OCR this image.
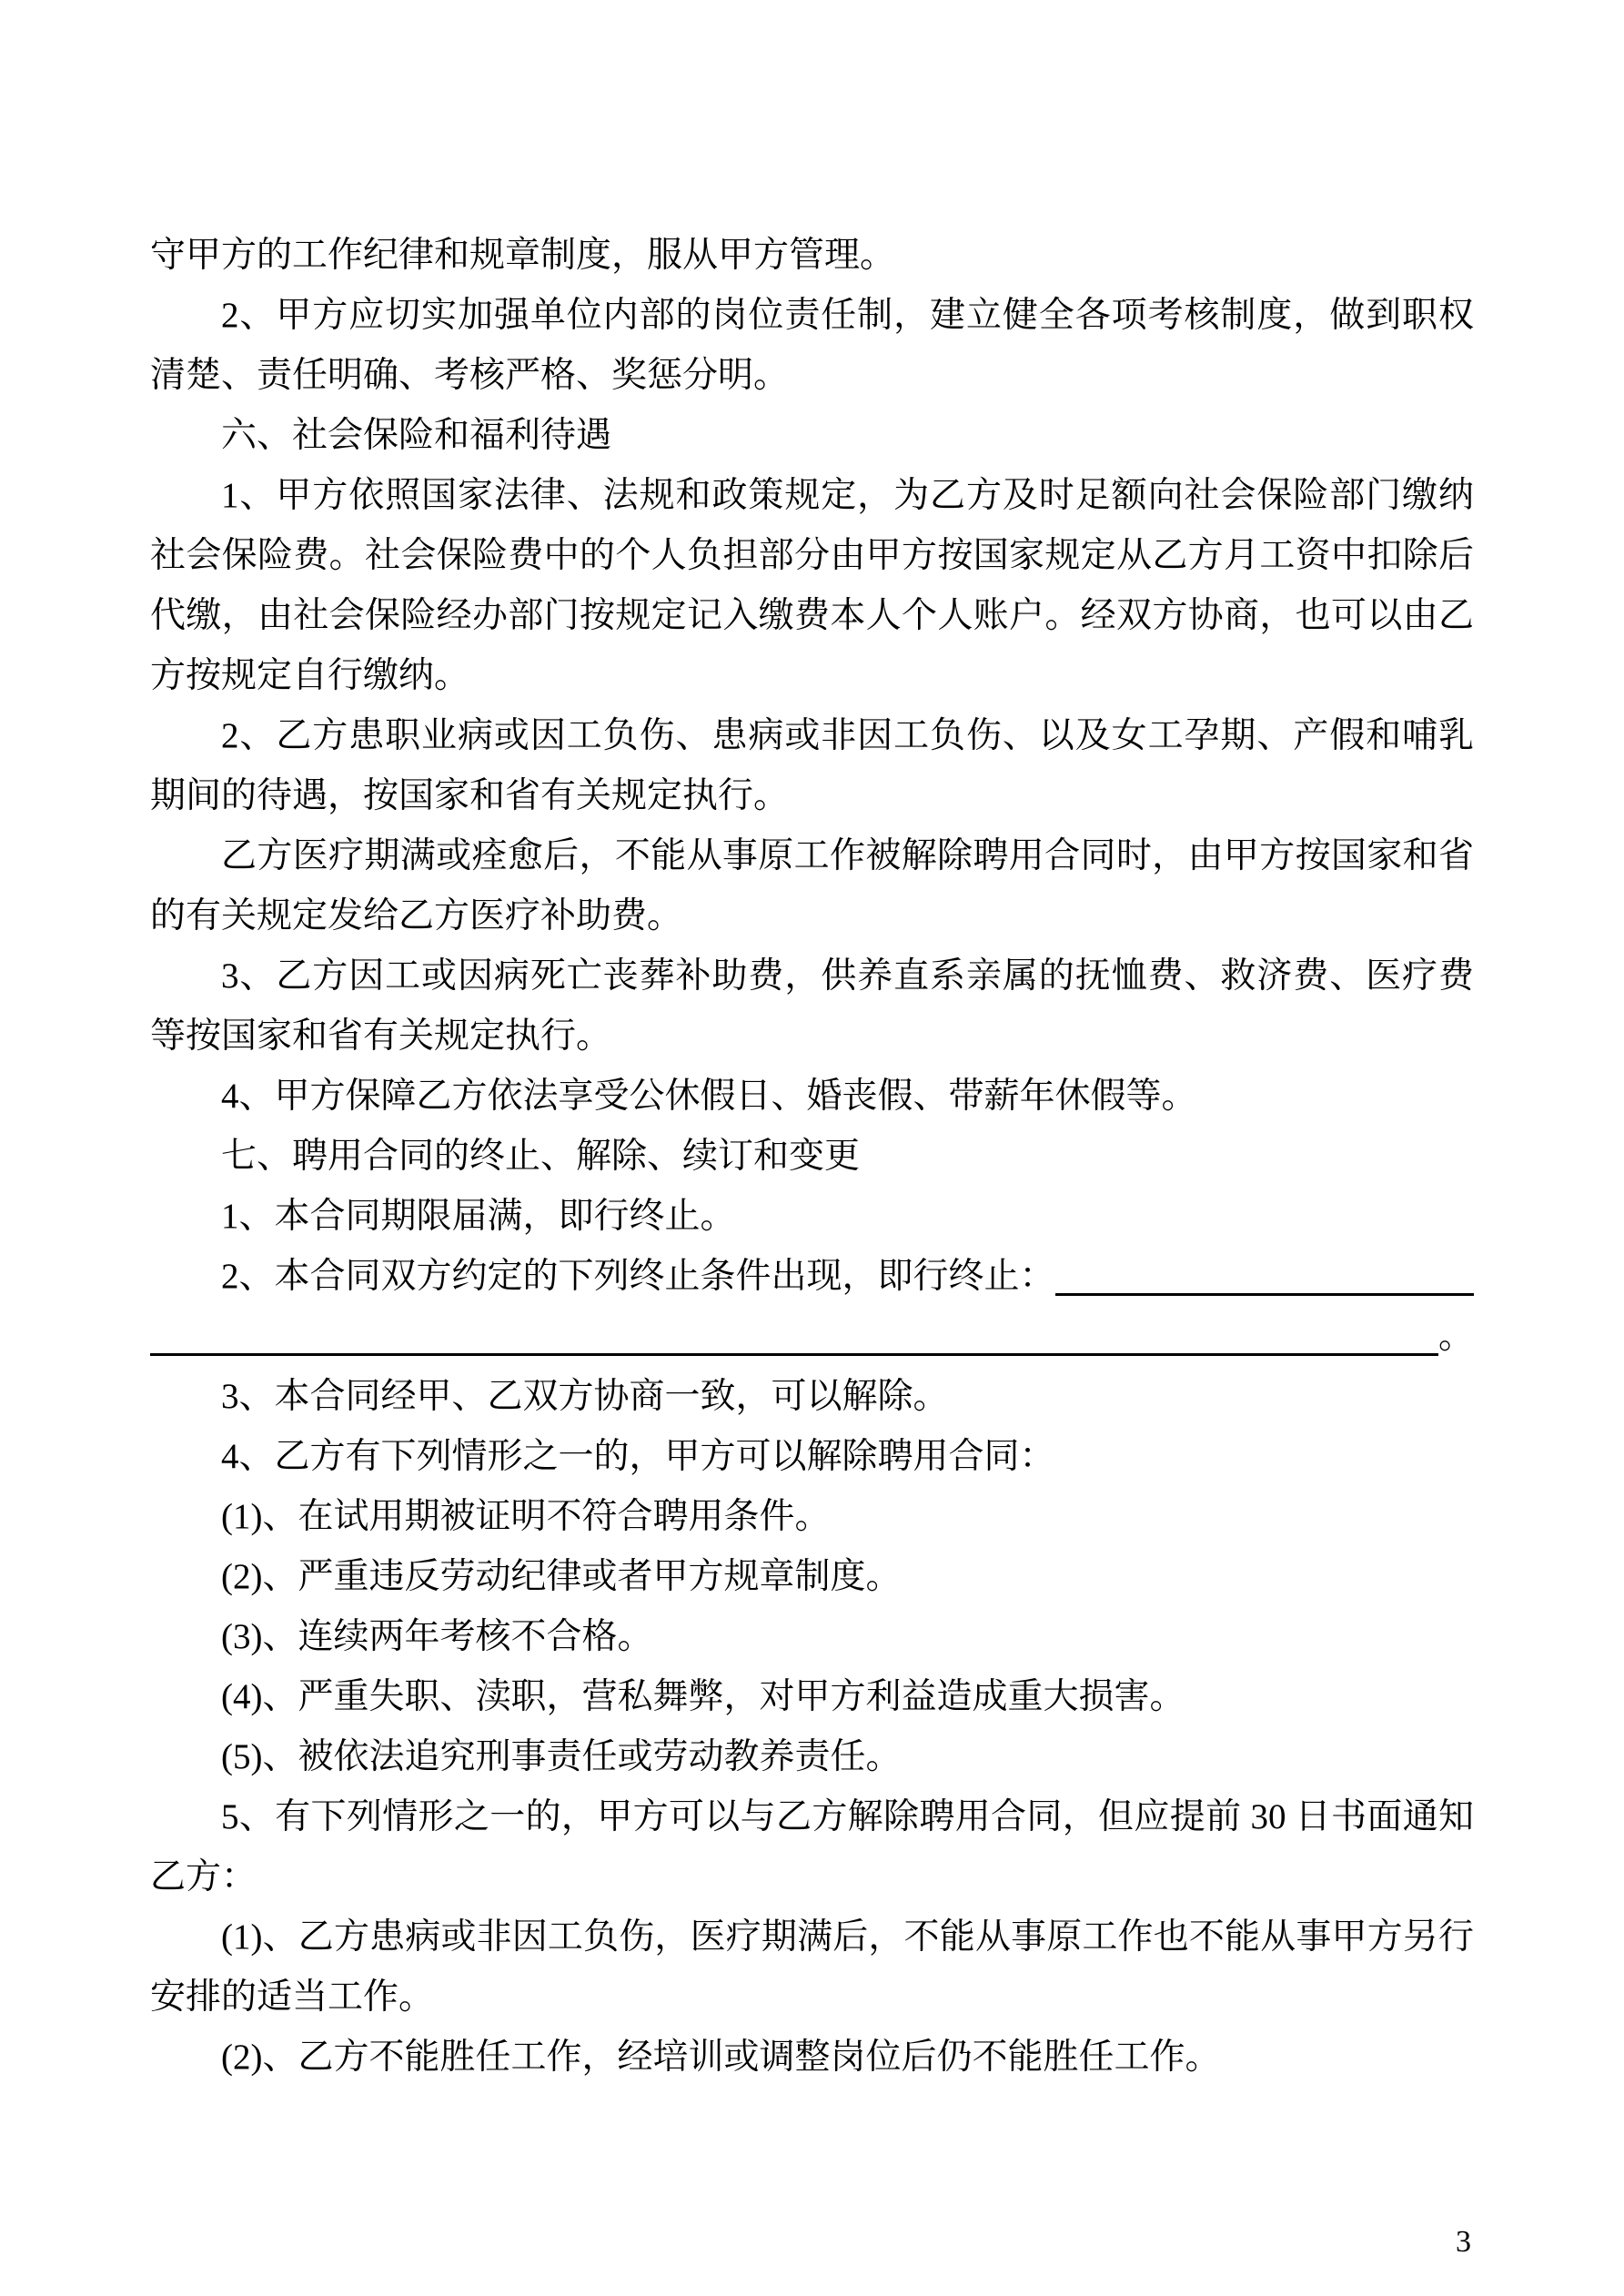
守甲方的工作纪律和规章制度，服从甲方管理。

2、甲方应切实加强单位内部的岗位责任制，建立健全各项考核制度，做到职权清楚、责任明确、考核严格、奖惩分明。

六、社会保险和福利待遇

1、甲方依照国家法律、法规和政策规定，为乙方及时足额向社会保险部门缴纳社会保险费。社会保险费中的个人负担部分由甲方按国家规定从乙方月工资中扣除后代缴，由社会保险经办部门按规定记入缴费本人个人账户。经双方协商，也可以由乙方按规定自行缴纳。

2、乙方患职业病或因工负伤、患病或非因工负伤、以及女工孕期、产假和哺乳期间的待遇，按国家和省有关规定执行。

乙方医疗期满或痊愈后，不能从事原工作被解除聘用合同时，由甲方按国家和省的有关规定发给乙方医疗补助费。

3、乙方因工或因病死亡丧葬补助费，供养直系亲属的抚恤费、救济费、医疗费等按国家和省有关规定执行。

4、甲方保障乙方依法享受公休假日、婚丧假、带薪年休假等。

七、聘用合同的终止、解除、续订和变更

1、本合同期限届满，即行终止。

2、本合同双方约定的下列终止条件出现，即行终止：

。

3、本合同经甲、乙双方协商一致，可以解除。

4、乙方有下列情形之一的，甲方可以解除聘用合同：

(1)、在试用期被证明不符合聘用条件。

(2)、严重违反劳动纪律或者甲方规章制度。

(3)、连续两年考核不合格。

(4)、严重失职、渎职，营私舞弊，对甲方利益造成重大损害。

(5)、被依法追究刑事责任或劳动教养责任。

5、有下列情形之一的，甲方可以与乙方解除聘用合同，但应提前 30 日书面通知乙方：

(1)、乙方患病或非因工负伤，医疗期满后，不能从事原工作也不能从事甲方另行安排的适当工作。

(2)、乙方不能胜任工作，经培训或调整岗位后仍不能胜任工作。

3
